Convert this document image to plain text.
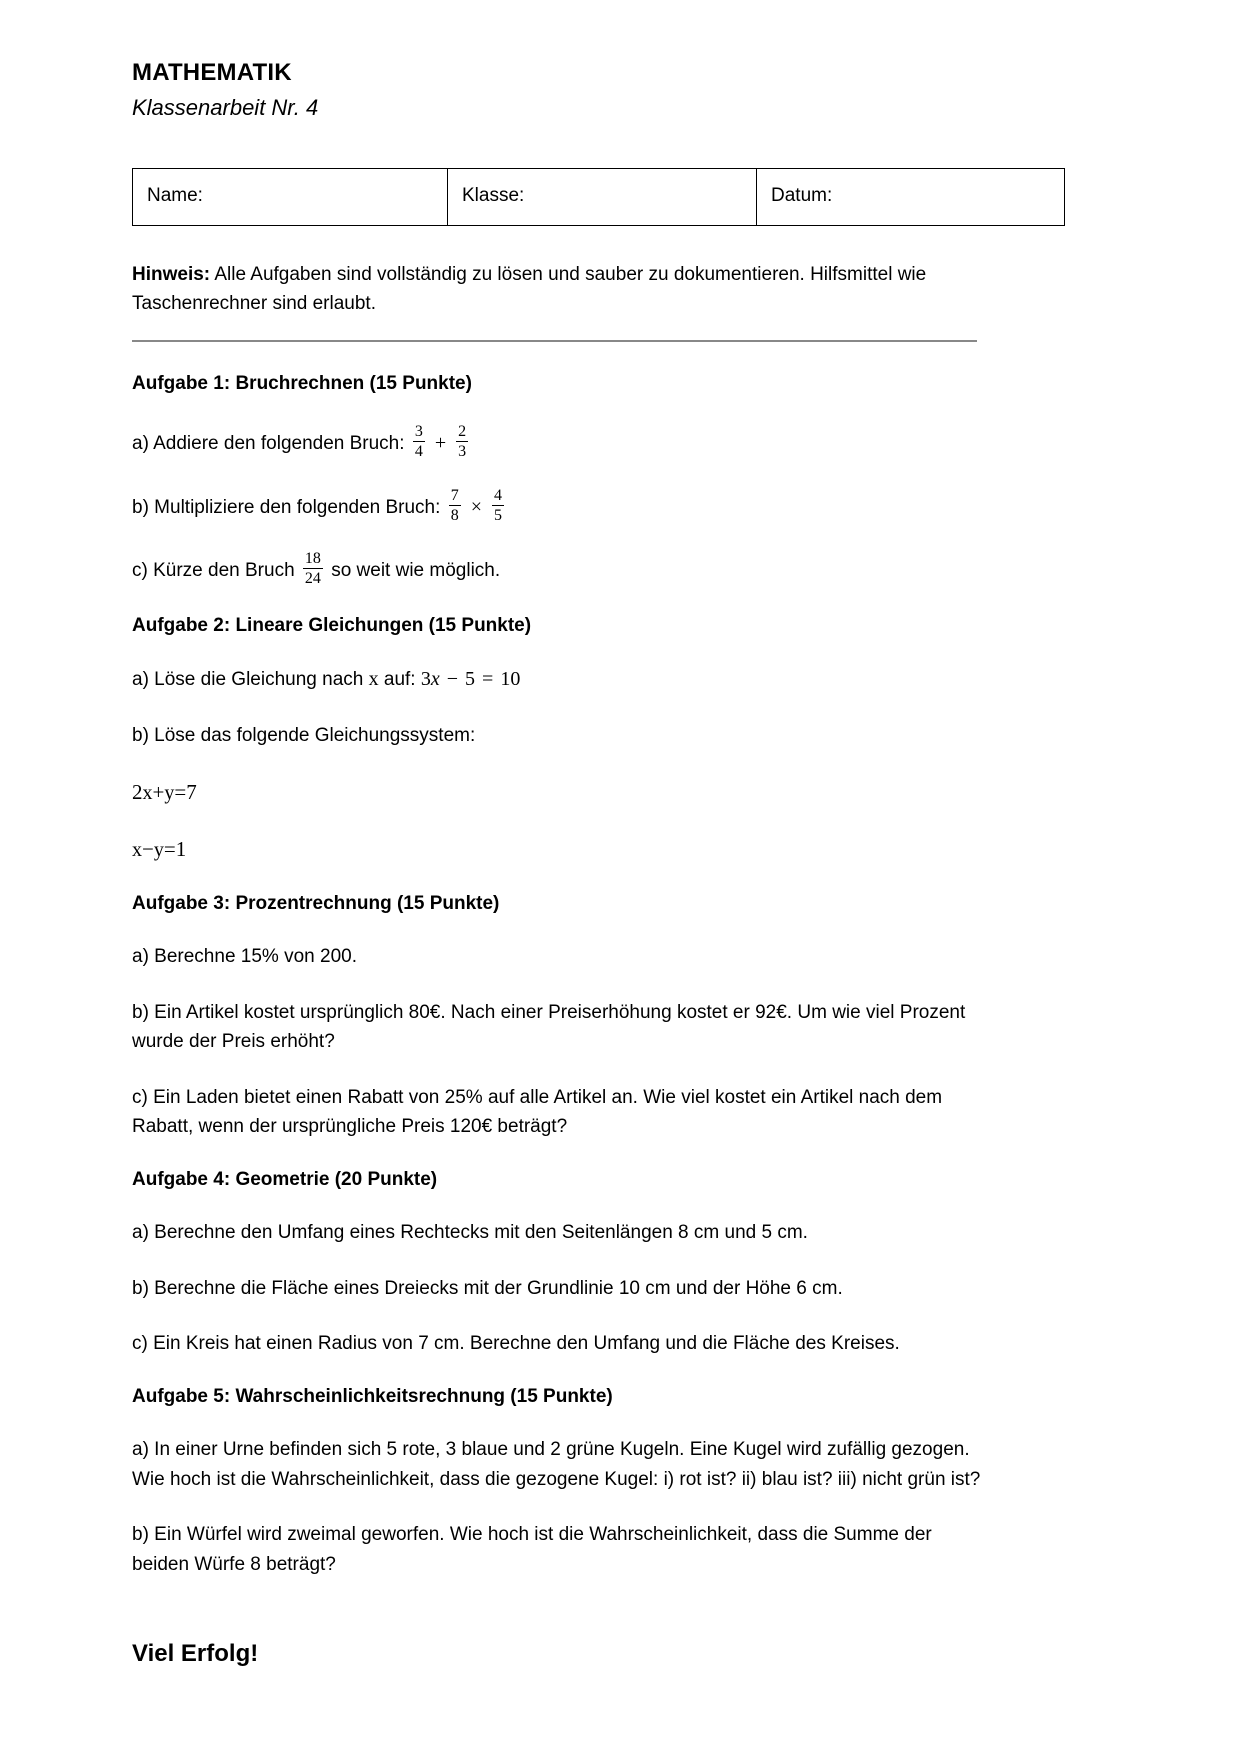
MATHEMATIK
Klassenarbeit Nr. 4
Name:	Klasse:	Datum:

Hinweis: Alle Aufgaben sind vollständig zu lösen und sauber zu dokumentieren. Hilfsmittel wie Taschenrechner sind erlaubt.

Aufgabe 1: Bruchrechnen (15 Punkte)

a) Addiere den folgenden Bruch: $\frac{3}{4} + \frac{2}{3}$

b) Multipliziere den folgenden Bruch: $\frac{7}{8} \times \frac{4}{5}$

c) Kürze den Bruch $\frac{18}{24}$ so weit wie möglich.

Aufgabe 2: Lineare Gleichungen (15 Punkte)

a) Löse die Gleichung nach x auf: 3x − 5 = 10

b) Löse das folgende Gleichungssystem:

2x+y=7
x−y=1
Aufgabe 3: Prozentrechnung (15 Punkte)

a) Berechne 15% von 200.

b) Ein Artikel kostet ursprünglich 80€. Nach einer Preiserhöhung kostet er 92€. Um wie viel Prozent wurde der Preis erhöht?

c) Ein Laden bietet einen Rabatt von 25% auf alle Artikel an. Wie viel kostet ein Artikel nach dem Rabatt, wenn der ursprüngliche Preis 120€ beträgt?

Aufgabe 4: Geometrie (20 Punkte)

a) Berechne den Umfang eines Rechtecks mit den Seitenlängen 8 cm und 5 cm.

b) Berechne die Fläche eines Dreiecks mit der Grundlinie 10 cm und der Höhe 6 cm.

c) Ein Kreis hat einen Radius von 7 cm. Berechne den Umfang und die Fläche des Kreises.

Aufgabe 5: Wahrscheinlichkeitsrechnung (15 Punkte)

a) In einer Urne befinden sich 5 rote, 3 blaue und 2 grüne Kugeln. Eine Kugel wird zufällig gezogen. Wie hoch ist die Wahrscheinlichkeit, dass die gezogene Kugel: i) rot ist? ii) blau ist? iii) nicht grün ist?

b) Ein Würfel wird zweimal geworfen. Wie hoch ist die Wahrscheinlichkeit, dass die Summe der beiden Würfe 8 beträgt?

Viel Erfolg!
